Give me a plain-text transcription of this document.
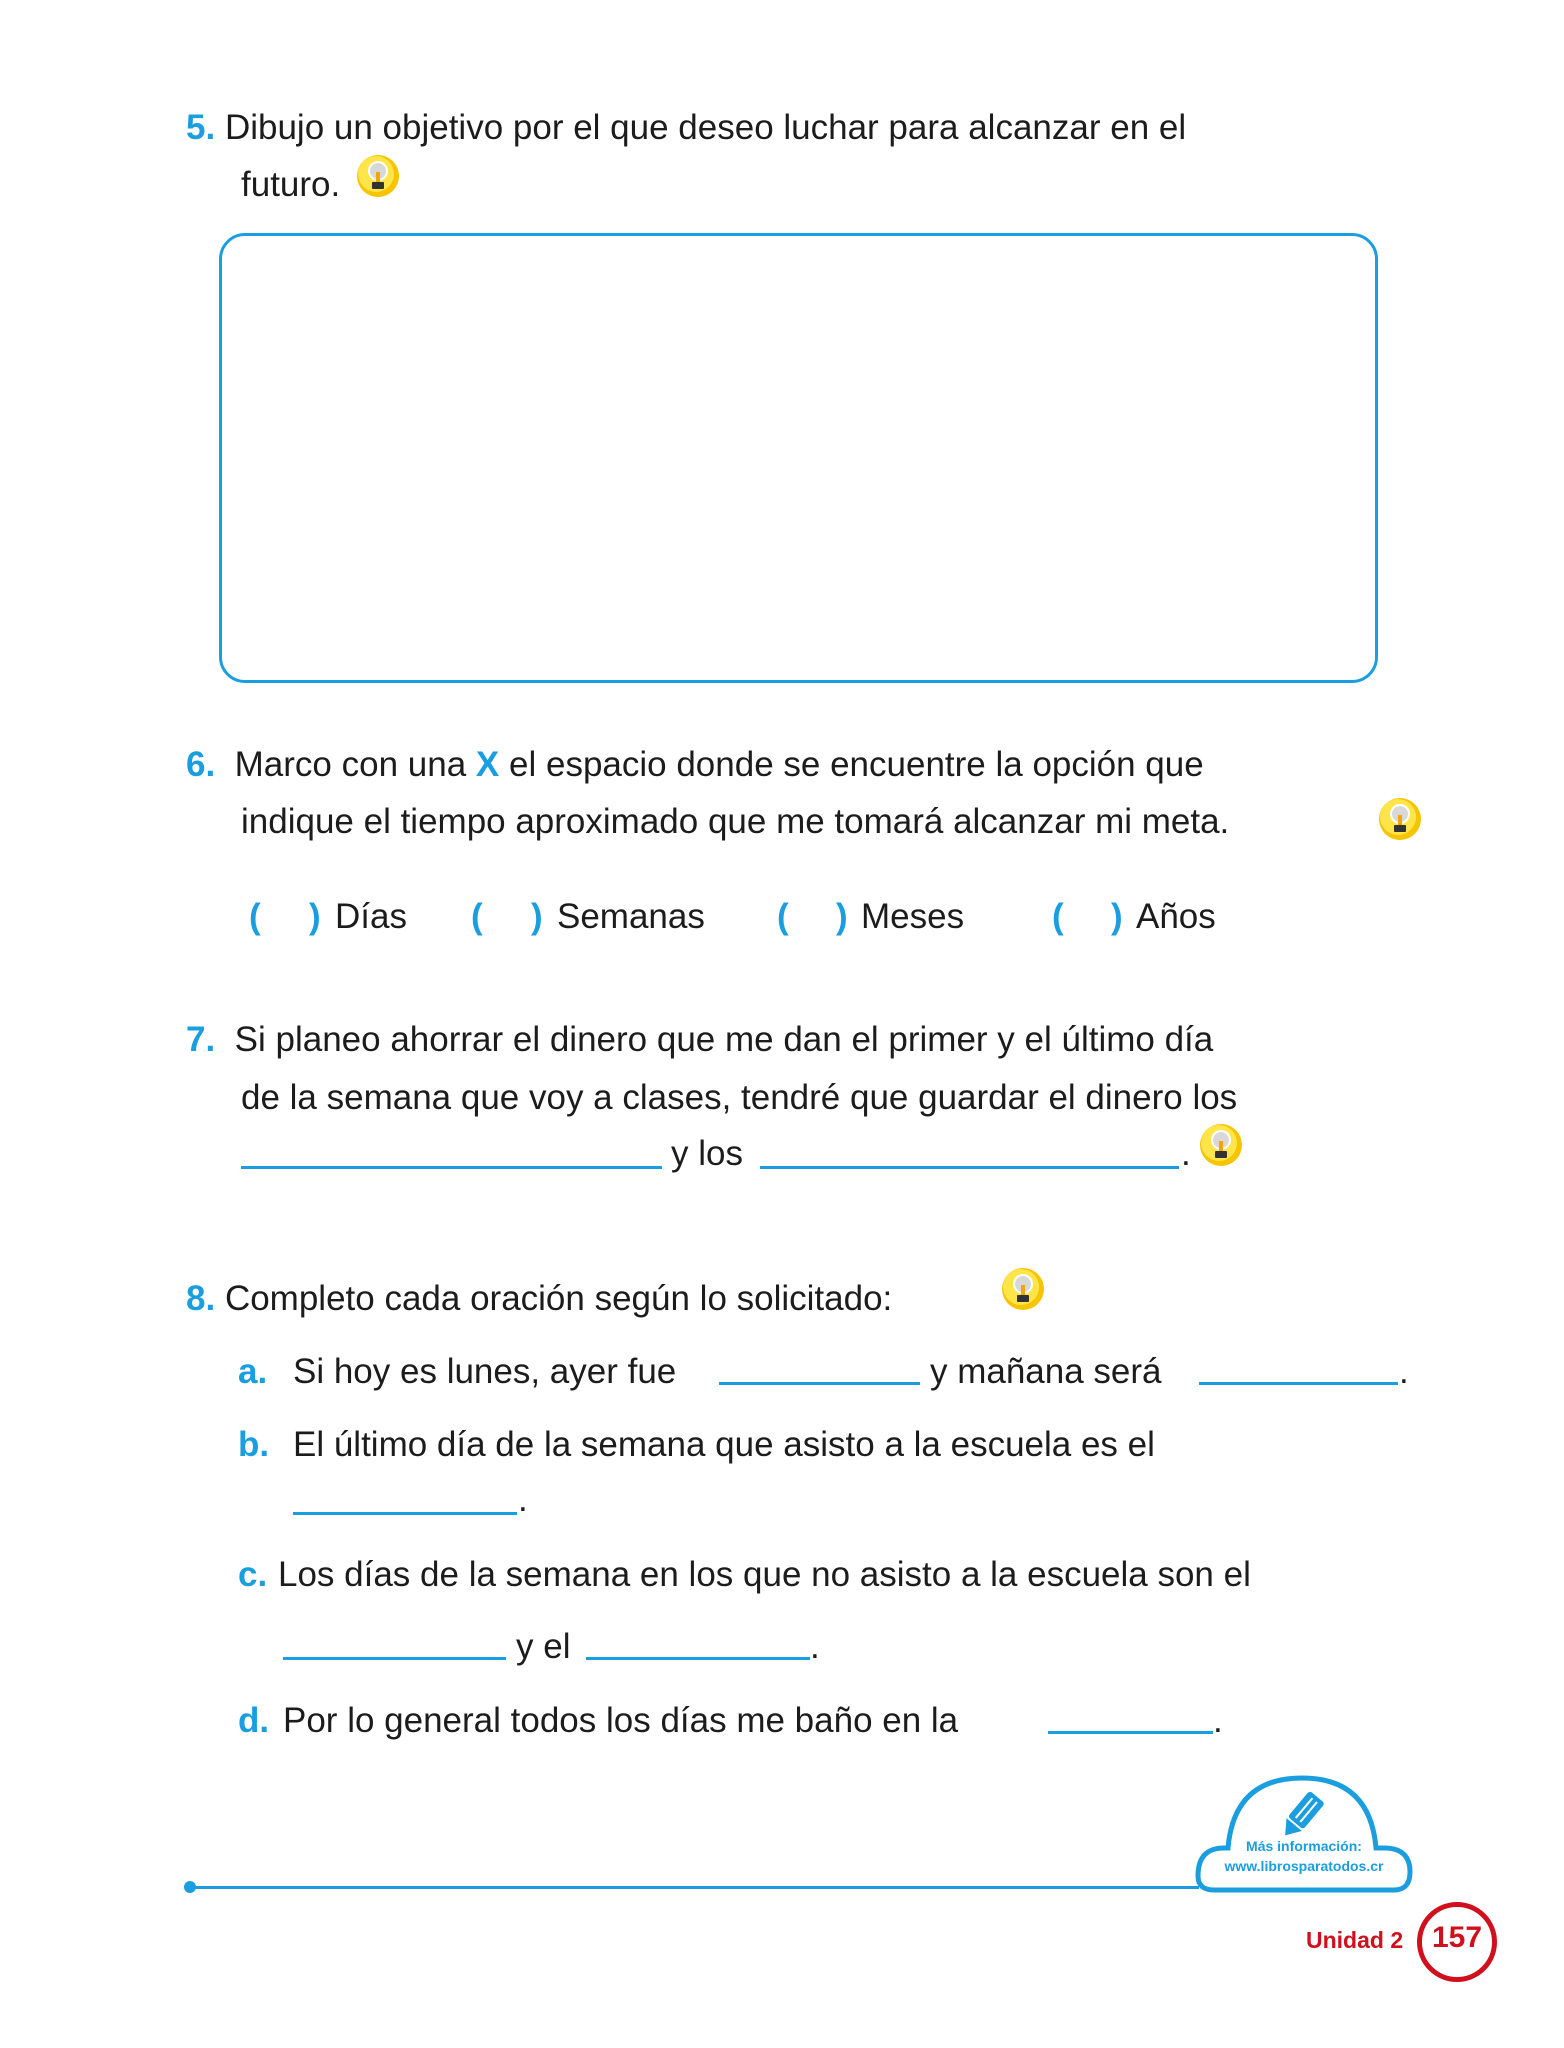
5. Dibujo un objetivo por el que deseo luchar para alcanzar en el
futuro.
6. Marco con una X el espacio donde se encuentre la opción que
indique el tiempo aproximado que me tomará alcanzar mi meta.
( ) Días ( ) Semanas ( ) Meses	( ) Años
7. Si planeo ahorrar el dinero que me dan el primer y el último día
de la semana que voy a clases, tendré que guardar el dinero los
y los	.
8. Completo cada oración según lo solicitado:
a. Si hoy es lunes, ayer fue	y mañana será	.
b. El último día de la semana que asisto a la escuela es el
.
c. Los días de la semana en los que no asisto a la escuela son el
y el	.
d. Por lo general todos los días me baño en la	.
Más información:
www.librosparatodos.cr
Unidad 2 157
